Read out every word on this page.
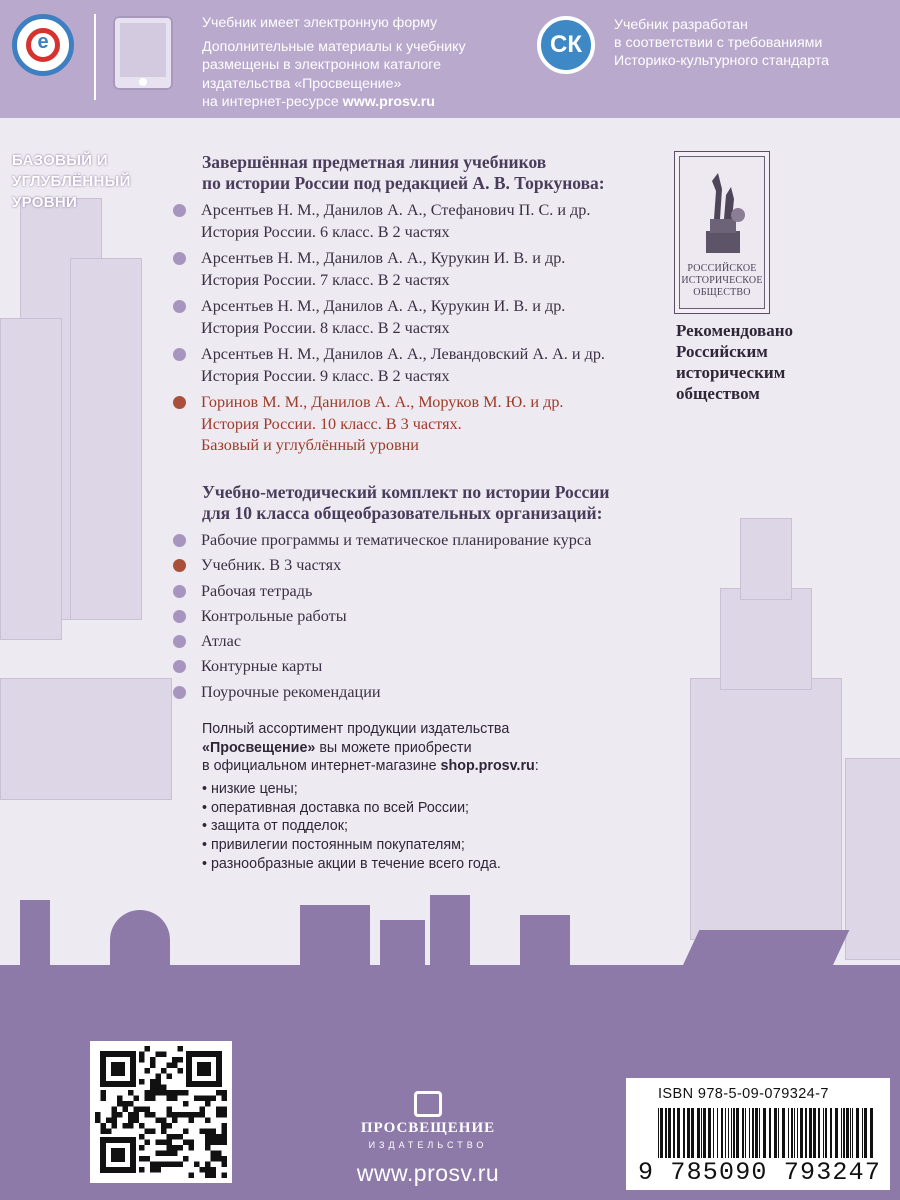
e
Учебник имеет электронную форму
Дополнительные материалы к учебнику
размещены в электронном каталоге
издательства «Просвещение»
на интернет-ресурсе www.prosv.ru
СК
Учебник разработан
в соответствии с требованиями
Историко-культурного стандарта
БАЗОВЫЙ И
УГЛУБЛЁННЫЙ
УРОВНИ
Завершённая предметная линия учебников
по истории России под редакцией А. В. Торкунова:
Арсентьев Н. М., Данилов А. А., Стефанович П. С. и др.
История России. 6 класс. В 2 частях
Арсентьев Н. М., Данилов А. А., Курукин И. В. и др.
История России. 7 класс. В 2 частях
Арсентьев Н. М., Данилов А. А., Курукин И. В. и др.
История России. 8 класс. В 2 частях
Арсентьев Н. М., Данилов А. А., Левандовский А. А. и др.
История России. 9 класс. В 2 частях
Горинов М. М., Данилов А. А., Моруков М. Ю. и др.
История России. 10 класс. В 3 частях.
Базовый и углублённый уровни
РОССИЙСКОЕ
ИСТОРИЧЕСКОЕ
ОБЩЕСТВО
Рекомендовано
Российским
историческим
обществом
Учебно-методический комплект по истории России
для 10 класса общеобразовательных организаций:
Рабочие программы и тематическое планирование курса
Учебник. В 3 частях
Рабочая тетрадь
Контрольные работы
Атлас
Контурные карты
Поурочные рекомендации
Полный ассортимент продукции издательства
«Просвещение» вы можете приобрести
в официальном интернет-магазине shop.prosv.ru:
• низкие цены;
• оперативная доставка по всей России;
• защита от подделок;
• привилегии постоянным покупателям;
• разнообразные акции в течение всего года.
ПРОСВЕЩЕНИЕ
ИЗДАТЕЛЬСТВО
www.prosv.ru
ISBN 978-5-09-079324-7
9 785090 793247
